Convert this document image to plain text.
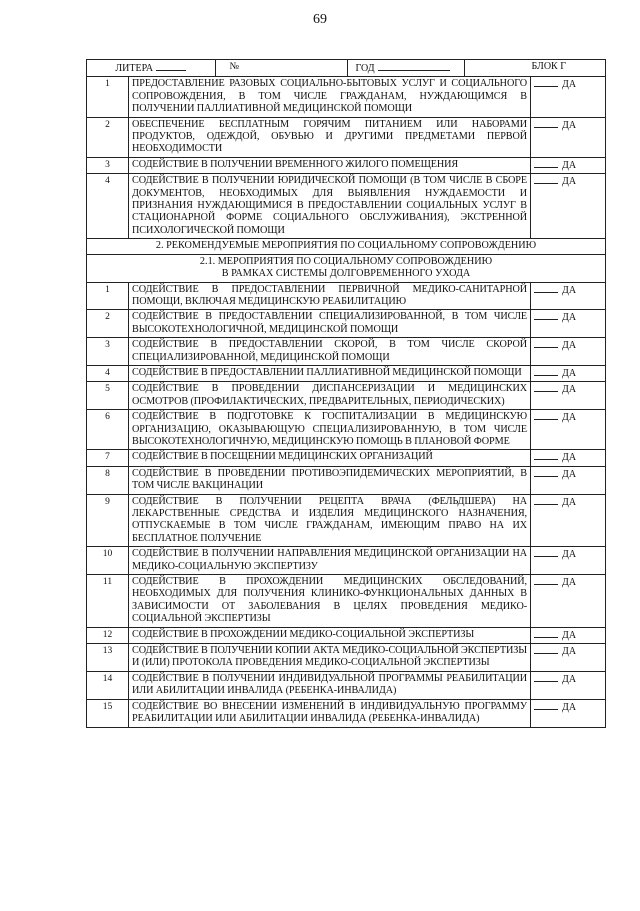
69
ЛИТЕРА	№	ГОД	БЛОК Г

1	ПРЕДОСТАВЛЕНИЕ РАЗОВЫХ СОЦИАЛЬНО-БЫТОВЫХ УСЛУГ И СОЦИАЛЬНОГО СОПРОВОЖДЕНИЯ, В ТОМ ЧИСЛЕ ГРАЖДАНАМ, НУЖДАЮЩИМСЯ В ПОЛУЧЕНИИ ПАЛЛИАТИВНОЙ МЕДИЦИНСКОЙ ПОМОЩИ	ДА
2	ОБЕСПЕЧЕНИЕ БЕСПЛАТНЫМ ГОРЯЧИМ ПИТАНИЕМ ИЛИ НАБОРАМИ ПРОДУКТОВ, ОДЕЖДОЙ, ОБУВЬЮ И ДРУГИМИ ПРЕДМЕТАМИ ПЕРВОЙ НЕОБХОДИМОСТИ	ДА
3	СОДЕЙСТВИЕ В ПОЛУЧЕНИИ ВРЕМЕННОГО ЖИЛОГО ПОМЕЩЕНИЯ	ДА
4	СОДЕЙСТВИЕ В ПОЛУЧЕНИИ ЮРИДИЧЕСКОЙ ПОМОЩИ (В ТОМ ЧИСЛЕ В СБОРЕ ДОКУМЕНТОВ, НЕОБХОДИМЫХ ДЛЯ ВЫЯВЛЕНИЯ НУЖДАЕМОСТИ И ПРИЗНАНИЯ НУЖДАЮЩИМИСЯ В ПРЕДОСТАВЛЕНИИ СОЦИАЛЬНЫХ УСЛУГ В СТАЦИОНАРНОЙ ФОРМЕ СОЦИАЛЬНОГО ОБСЛУЖИВАНИЯ), ЭКСТРЕННОЙ ПСИХОЛОГИЧЕСКОЙ ПОМОЩИ	ДА
2. РЕКОМЕНДУЕМЫЕ МЕРОПРИЯТИЯ ПО СОЦИАЛЬНОМУ СОПРОВОЖДЕНИЮ

2.1. МЕРОПРИЯТИЯ ПО СОЦИАЛЬНОМУ СОПРОВОЖДЕНИЮ
В РАМКАХ СИСТЕМЫ ДОЛГОВРЕМЕННОГО УХОДА

1	СОДЕЙСТВИЕ В ПРЕДОСТАВЛЕНИИ ПЕРВИЧНОЙ МЕДИКО-САНИТАРНОЙ ПОМОЩИ, ВКЛЮЧАЯ МЕДИЦИНСКУЮ РЕАБИЛИТАЦИЮ	ДА
2	СОДЕЙСТВИЕ В ПРЕДОСТАВЛЕНИИ СПЕЦИАЛИЗИРОВАННОЙ, В ТОМ ЧИСЛЕ ВЫСОКОТЕХНОЛОГИЧНОЙ, МЕДИЦИНСКОЙ ПОМОЩИ	ДА
3	СОДЕЙСТВИЕ В ПРЕДОСТАВЛЕНИИ СКОРОЙ, В ТОМ ЧИСЛЕ СКОРОЙ СПЕЦИАЛИЗИРОВАННОЙ, МЕДИЦИНСКОЙ ПОМОЩИ	ДА
4	СОДЕЙСТВИЕ В ПРЕДОСТАВЛЕНИИ ПАЛЛИАТИВНОЙ МЕДИЦИНСКОЙ ПОМОЩИ	ДА
5	СОДЕЙСТВИЕ В ПРОВЕДЕНИИ ДИСПАНСЕРИЗАЦИИ И МЕДИЦИНСКИХ ОСМОТРОВ (ПРОФИЛАКТИЧЕСКИХ, ПРЕДВАРИТЕЛЬНЫХ, ПЕРИОДИЧЕСКИХ)	ДА
6	СОДЕЙСТВИЕ В ПОДГОТОВКЕ К ГОСПИТАЛИЗАЦИИ В МЕДИЦИНСКУЮ ОРГАНИЗАЦИЮ, ОКАЗЫВАЮЩУЮ СПЕЦИАЛИЗИРОВАННУЮ, В ТОМ ЧИСЛЕ ВЫСОКОТЕХНОЛОГИЧНУЮ, МЕДИЦИНСКУЮ ПОМОЩЬ В ПЛАНОВОЙ ФОРМЕ	ДА
7	СОДЕЙСТВИЕ В ПОСЕЩЕНИИ МЕДИЦИНСКИХ ОРГАНИЗАЦИЙ	ДА
8	СОДЕЙСТВИЕ В ПРОВЕДЕНИИ ПРОТИВОЭПИДЕМИЧЕСКИХ МЕРОПРИЯТИЙ, В ТОМ ЧИСЛЕ ВАКЦИНАЦИИ	ДА
9	СОДЕЙСТВИЕ В ПОЛУЧЕНИИ РЕЦЕПТА ВРАЧА (ФЕЛЬДШЕРА) НА ЛЕКАРСТВЕННЫЕ СРЕДСТВА И ИЗДЕЛИЯ МЕДИЦИНСКОГО НАЗНАЧЕНИЯ, ОТПУСКАЕМЫЕ В ТОМ ЧИСЛЕ ГРАЖДАНАМ, ИМЕЮЩИМ ПРАВО НА ИХ БЕСПЛАТНОЕ ПОЛУЧЕНИЕ	ДА
10	СОДЕЙСТВИЕ В ПОЛУЧЕНИИ НАПРАВЛЕНИЯ МЕДИЦИНСКОЙ ОРГАНИЗАЦИИ НА МЕДИКО-СОЦИАЛЬНУЮ ЭКСПЕРТИЗУ	ДА
11	СОДЕЙСТВИЕ В ПРОХОЖДЕНИИ МЕДИЦИНСКИХ ОБСЛЕДОВАНИЙ, НЕОБХОДИМЫХ ДЛЯ ПОЛУЧЕНИЯ КЛИНИКО-ФУНКЦИОНАЛЬНЫХ ДАННЫХ В ЗАВИСИМОСТИ ОТ ЗАБОЛЕВАНИЯ В ЦЕЛЯХ ПРОВЕДЕНИЯ МЕДИКО-СОЦИАЛЬНОЙ ЭКСПЕРТИЗЫ	ДА
12	СОДЕЙСТВИЕ В ПРОХОЖДЕНИИ МЕДИКО-СОЦИАЛЬНОЙ ЭКСПЕРТИЗЫ	ДА
13	СОДЕЙСТВИЕ В ПОЛУЧЕНИИ КОПИИ АКТА МЕДИКО-СОЦИАЛЬНОЙ ЭКСПЕРТИЗЫ И (ИЛИ) ПРОТОКОЛА ПРОВЕДЕНИЯ МЕДИКО-СОЦИАЛЬНОЙ ЭКСПЕРТИЗЫ	ДА
14	СОДЕЙСТВИЕ В ПОЛУЧЕНИИ ИНДИВИДУАЛЬНОЙ ПРОГРАММЫ РЕАБИЛИТАЦИИ ИЛИ АБИЛИТАЦИИ ИНВАЛИДА (РЕБЕНКА-ИНВАЛИДА)	ДА
15	СОДЕЙСТВИЕ ВО ВНЕСЕНИИ ИЗМЕНЕНИЙ В ИНДИВИДУАЛЬНУЮ ПРОГРАММУ РЕАБИЛИТАЦИИ ИЛИ АБИЛИТАЦИИ ИНВАЛИДА (РЕБЕНКА-ИНВАЛИДА)	ДА
